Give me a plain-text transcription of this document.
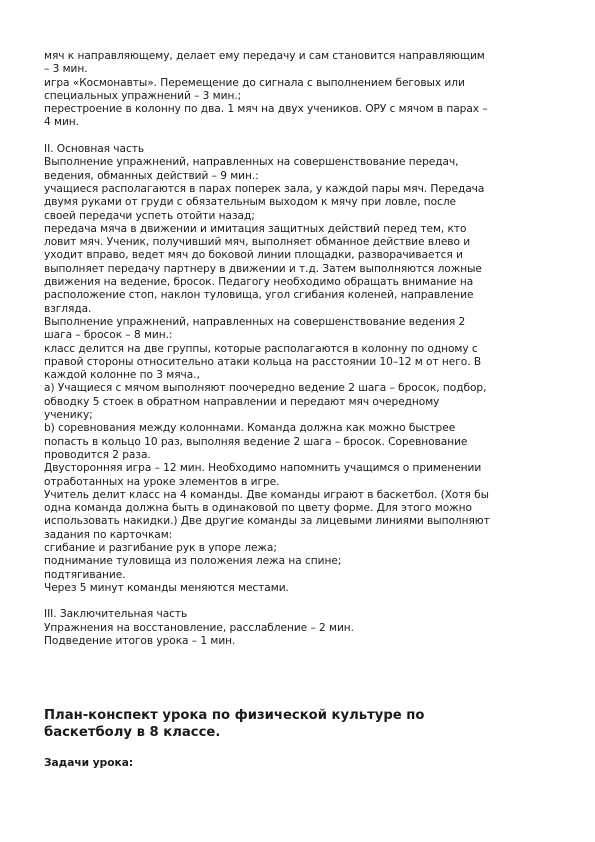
мяч к направляющему, делает ему передачу и сам становится направляющим
– 3 мин.

игра «Космонавты». Перемещение до сигнала с выполнением беговых или
специальных упражнений – 3 мин.;

перестроение в колонну по два. 1 мяч на двух учеников. ОРУ с мячом в парах –
4 мин.

II. Основная часть

Выполнение упражнений, направленных на совершенствование передач,
ведения, обманных действий – 9 мин.:

учащиеся располагаются в парах поперек зала, у каждой пары мяч. Передача
двумя руками от груди с обязательным выходом к мячу при ловле, после
своей передачи успеть отойти назад;

передача мяча в движении и имитация защитных действий перед тем, кто
ловит мяч. Ученик, получивший мяч, выполняет обманное действие влево и
уходит вправо, ведет мяч до боковой линии площадки, разворачивается и
выполняет передачу партнеру в движении и т.д. Затем выполняются ложные
движения на ведение, бросок. Педагогу необходимо обращать внимание на
расположение стоп, наклон туловища, угол сгибания коленей, направление
взгляда.

Выполнение упражнений, направленных на совершенствование ведения 2
шага – бросок – 8 мин.:

класс делится на две группы, которые располагаются в колонну по одному с
правой стороны относительно атаки кольца на расстоянии 10–12 м от него. В
каждой колонне по 3 мяча.,

а) Учащиеся с мячом выполняют поочередно ведение 2 шага – бросок, подбор,
обводку 5 стоек в обратном направлении и передают мяч очередному
ученику;

b) соревнования между колоннами. Команда должна как можно быстрее
попасть в кольцо 10 раз, выполняя ведение 2 шага – бросок. Соревнование
проводится 2 раза.

Двусторонняя игра – 12 мин. Необходимо напомнить учащимся о применении
отработанных на уроке элементов в игре.

Учитель делит класс на 4 команды. Две команды играют в баскетбол. (Хотя бы
одна команда должна быть в одинаковой по цвету форме. Для этого можно
использовать накидки.) Две другие команды за лицевыми линиями выполняют
задания по карточкам:

сгибание и разгибание рук в упоре лежа;

поднимание туловища из положения лежа на спине;

подтягивание.

Через 5 минут команды меняются местами.

III. Заключительная часть

Упражнения на восстановление, расслабление – 2 мин.

Подведение итогов урока – 1 мин.

План-конспект урока по физической культуре по
баскетболу в 8 классе.

Задачи урока:
